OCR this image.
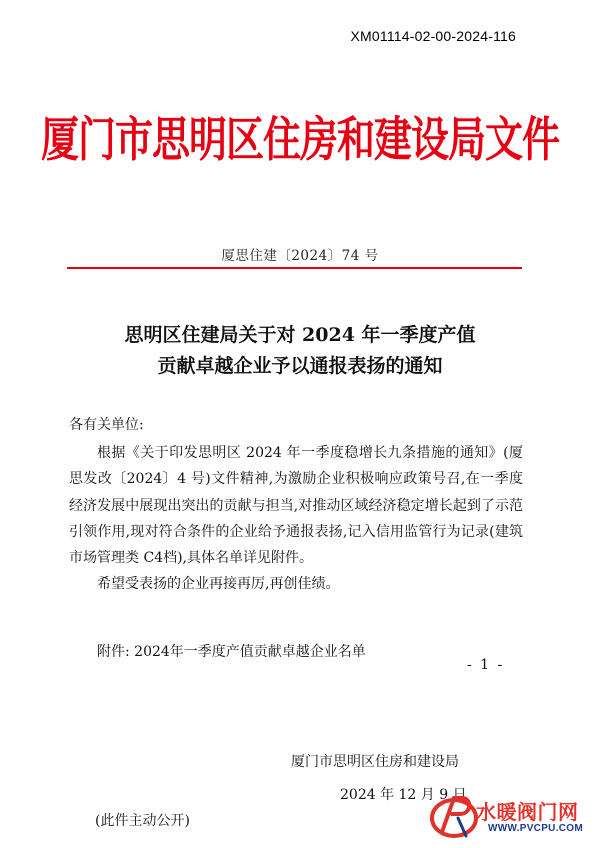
XM01114-02-00-2024-116
厦门市思明区住房和建设局文件
厦思住建〔2024〕74 号
思明区住建局关于对 2024 年一季度产值
贡献卓越企业予以通报表扬的通知
各有关单位:

根据《关于印发思明区 2024 年一季度稳增长九条措施的通知》(厦思发改〔2024〕4 号)文件精神,为激励企业积极响应政策号召,在一季度经济发展中展现出突出的贡献与担当,对推动区域经济稳定增长起到了示范引领作用,现对符合条件的企业给予通报表扬,记入信用监管行为记录(建筑市场管理类 C4档),具体名单详见附件。

希望受表扬的企业再接再厉,再创佳绩。

附件: 2024年一季度产值贡献卓越企业名单
- 1 -
厦门市思明区住房和建设局
2024 年 12 月 9 日
(此件主动公开)	水暖阀门网
WWW.PVCPU.COM
